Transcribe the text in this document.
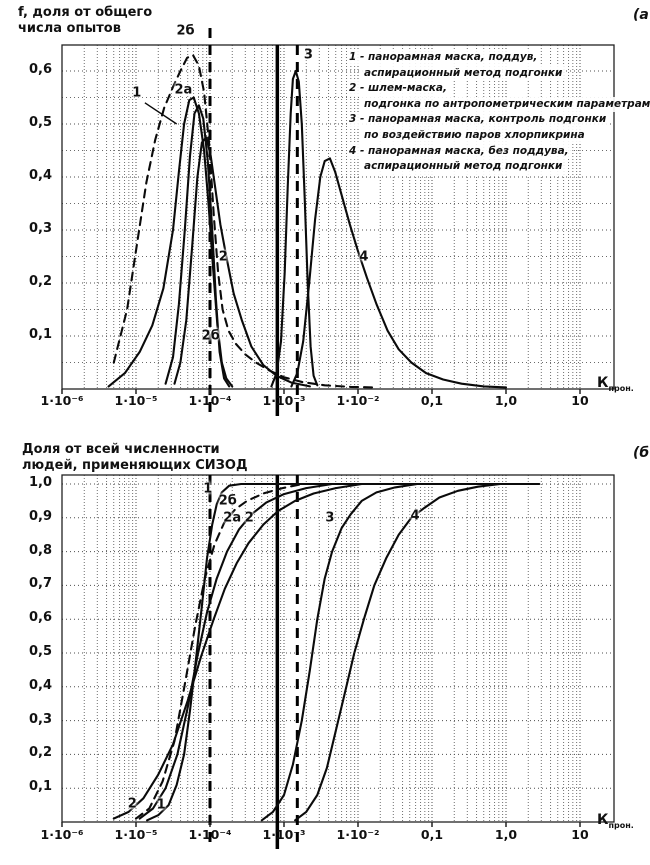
f, доля от общего
числа опытов
(а
$К_{прон.}$
Доля от всей численности
людей, применяющих СИЗОД
(б
$К_{прон.}$
1 - панорамная маска, поддув,
аспирационный метод подгонки
2 - шлем-маска,
подгонка по антропометрическим параметрам
3 - панорамная маска, контроль подгонки
по воздействию паров хлорпикрина
4 - панорамная маска, без поддува,
аспирационный метод подгонки
1·10⁻⁶	1·10⁻⁵	1·10⁻⁴	1·10⁻³	1·10⁻²	0,1	1,0	10
0,6
0,5
0,4
0,3
0,2
0,1
1	2а
2б
3
2
2б
4
1·10⁻⁶	1·10⁻⁵	1·10⁻⁴	1·10⁻³	1·10⁻²	0,1	1,0	10
1,0
0,9
0,8
0,7
0,6
0,5
0,4
0,3
0,2
0,1
1
2б
2а 2	3	4
2 1
